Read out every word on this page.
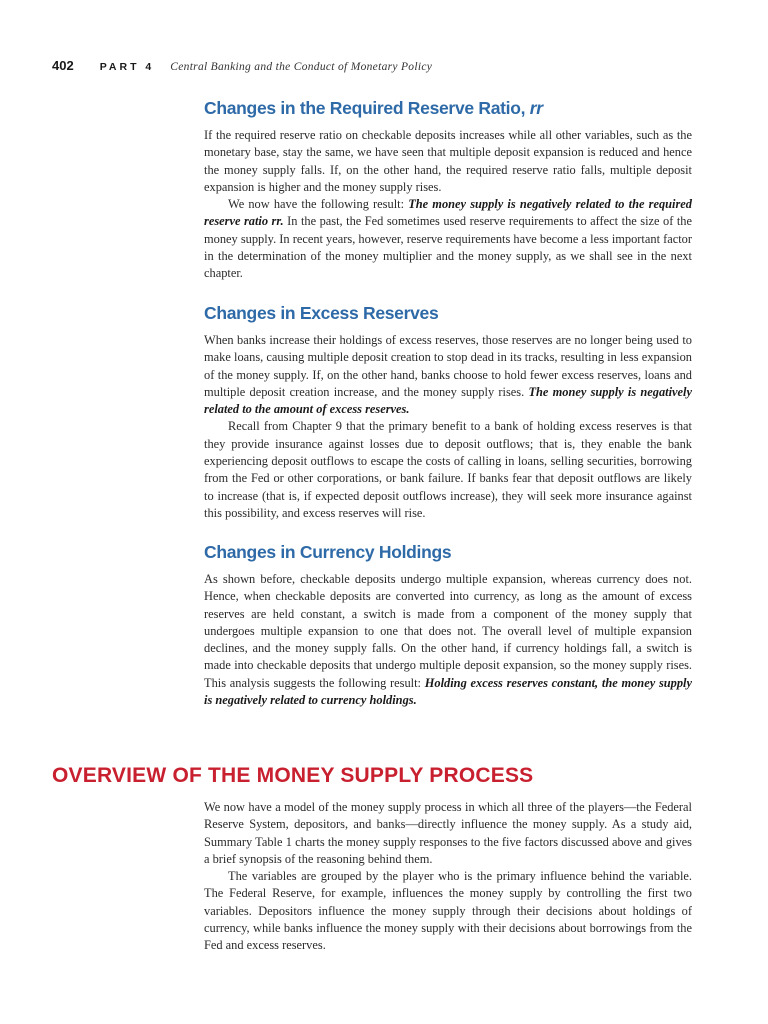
402 PART 4 Central Banking and the Conduct of Monetary Policy
Changes in the Required Reserve Ratio, rr

If the required reserve ratio on checkable deposits increases while all other variables, such as the monetary base, stay the same, we have seen that multiple deposit expansion is reduced and hence the money supply falls. If, on the other hand, the required reserve ratio falls, multiple deposit expansion is higher and the money supply rises.

We now have the following result: The money supply is negatively related to the required reserve ratio rr. In the past, the Fed sometimes used reserve requirements to affect the size of the money supply. In recent years, however, reserve requirements have become a less important factor in the determination of the money multiplier and the money supply, as we shall see in the next chapter.

Changes in Excess Reserves

When banks increase their holdings of excess reserves, those reserves are no longer being used to make loans, causing multiple deposit creation to stop dead in its tracks, resulting in less expansion of the money supply. If, on the other hand, banks choose to hold fewer excess reserves, loans and multiple deposit creation increase, and the money supply rises. The money supply is negatively related to the amount of excess reserves.

Recall from Chapter 9 that the primary benefit to a bank of holding excess reserves is that they provide insurance against losses due to deposit outflows; that is, they enable the bank experiencing deposit outflows to escape the costs of calling in loans, selling securities, borrowing from the Fed or other corporations, or bank failure. If banks fear that deposit outflows are likely to increase (that is, if expected deposit outflows increase), they will seek more insurance against this possibility, and excess reserves will rise.

Changes in Currency Holdings

As shown before, checkable deposits undergo multiple expansion, whereas currency does not. Hence, when checkable deposits are converted into currency, as long as the amount of excess reserves are held constant, a switch is made from a component of the money supply that undergoes multiple expansion to one that does not. The overall level of multiple expansion declines, and the money supply falls. On the other hand, if currency holdings fall, a switch is made into checkable deposits that undergo multiple deposit expansion, so the money supply rises. This analysis suggests the following result: Holding excess reserves constant, the money supply is negatively related to currency holdings.

OVERVIEW OF THE MONEY SUPPLY PROCESS

We now have a model of the money supply process in which all three of the players—the Federal Reserve System, depositors, and banks—directly influence the money supply. As a study aid, Summary Table 1 charts the money supply responses to the five factors discussed above and gives a brief synopsis of the reasoning behind them.

The variables are grouped by the player who is the primary influence behind the variable. The Federal Reserve, for example, influences the money supply by controlling the first two variables. Depositors influence the money supply through their decisions about holdings of currency, while banks influence the money supply with their decisions about borrowings from the Fed and excess reserves.
